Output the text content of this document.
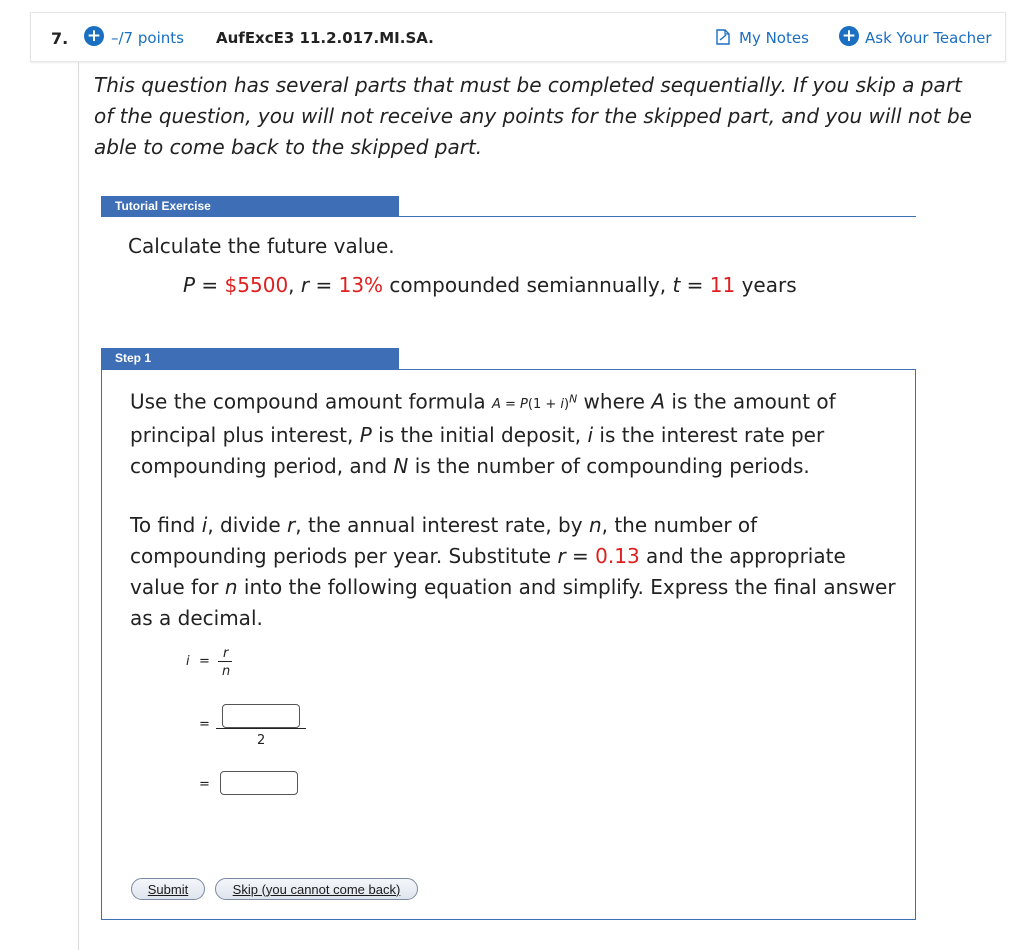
7. + –/7 points AufExcE3 11.2.017.MI.SA.	My Notes + Ask Your Teacher
This question has several parts that must be completed sequentially. If you skip a part of the question, you will not receive any points for the skipped part, and you will not be able to come back to the skipped part.
Tutorial Exercise
Calculate the future value.
P = $5500, r = 13% compounded semiannually, t = 11 years
Step 1
Use the compound amount formula $A = P(1 + i)^N$ where A is the amount of principal plus interest, P is the initial deposit, i is the interest rate per compounding period, and N is the number of compounding periods.
To find i, divide r, the annual interest rate, by n, the number of compounding periods per year. Substitute r = 0.13 and the appropriate value for n into the following equation and simplify. Express the final answer as a decimal.
i =
r
n
=
2
=
Submit	Skip (you cannot come back)
